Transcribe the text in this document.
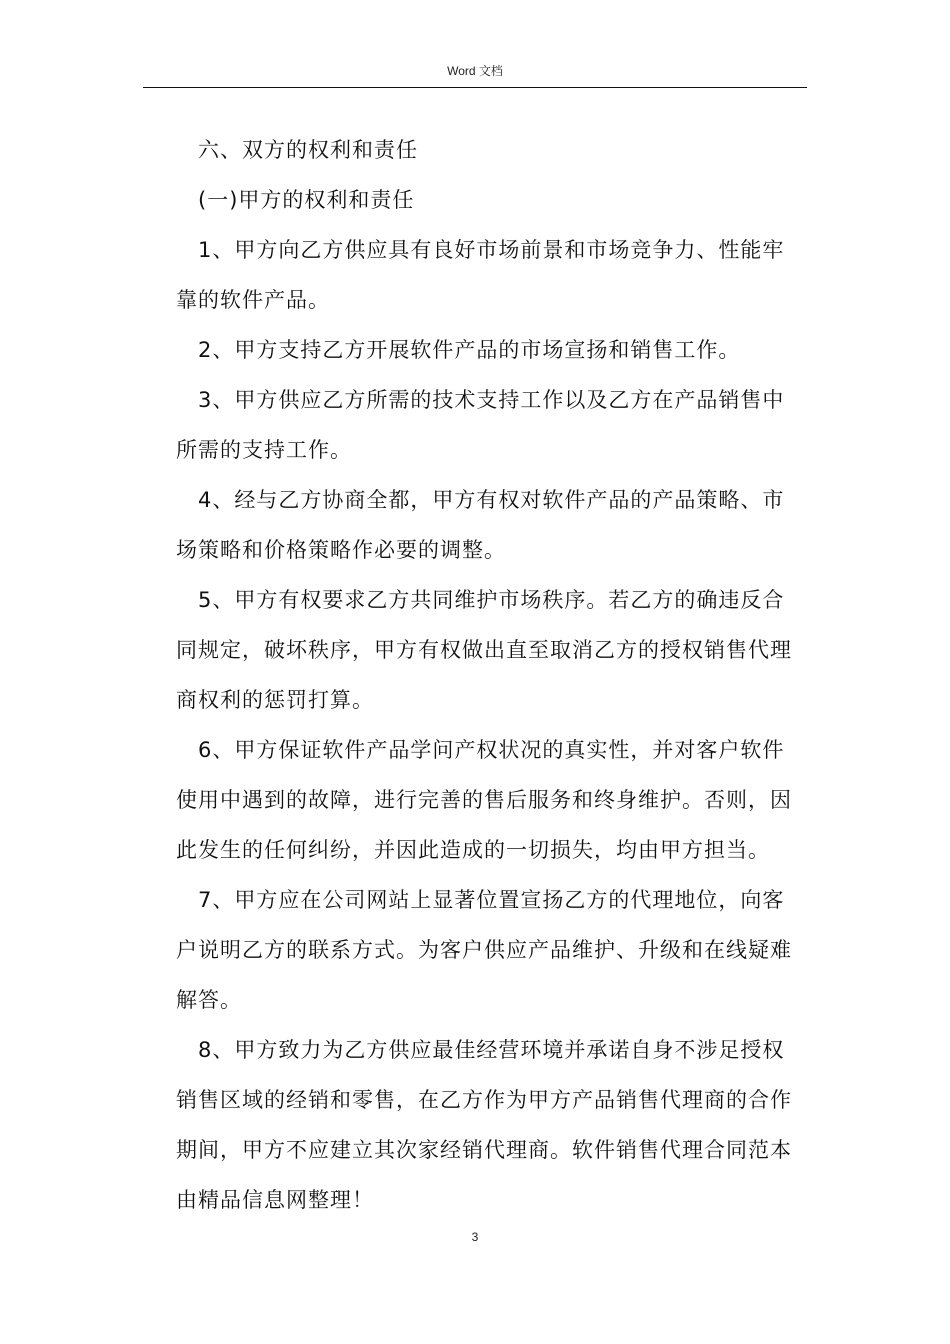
Word 文档

六、双方的权利和责任

(一)甲方的权利和责任

1、甲方向乙方供应具有良好市场前景和市场竞争力、性能牢靠的软件产品。

2、甲方支持乙方开展软件产品的市场宣扬和销售工作。

3、甲方供应乙方所需的技术支持工作以及乙方在产品销售中所需的支持工作。

4、经与乙方协商全都，甲方有权对软件产品的产品策略、市场策略和价格策略作必要的调整。

5、甲方有权要求乙方共同维护市场秩序。若乙方的确违反合同规定，破坏秩序，甲方有权做出直至取消乙方的授权销售代理商权利的惩罚打算。

6、甲方保证软件产品学问产权状况的真实性，并对客户软件使用中遇到的故障，进行完善的售后服务和终身维护。否则，因此发生的任何纠纷，并因此造成的一切损失，均由甲方担当。

7、甲方应在公司网站上显著位置宣扬乙方的代理地位，向客户说明乙方的联系方式。为客户供应产品维护、升级和在线疑难解答。

8、甲方致力为乙方供应最佳经营环境并承诺自身不涉足授权销售区域的经销和零售，在乙方作为甲方产品销售代理商的合作期间，甲方不应建立其次家经销代理商。软件销售代理合同范本由精品信息网整理！

3
